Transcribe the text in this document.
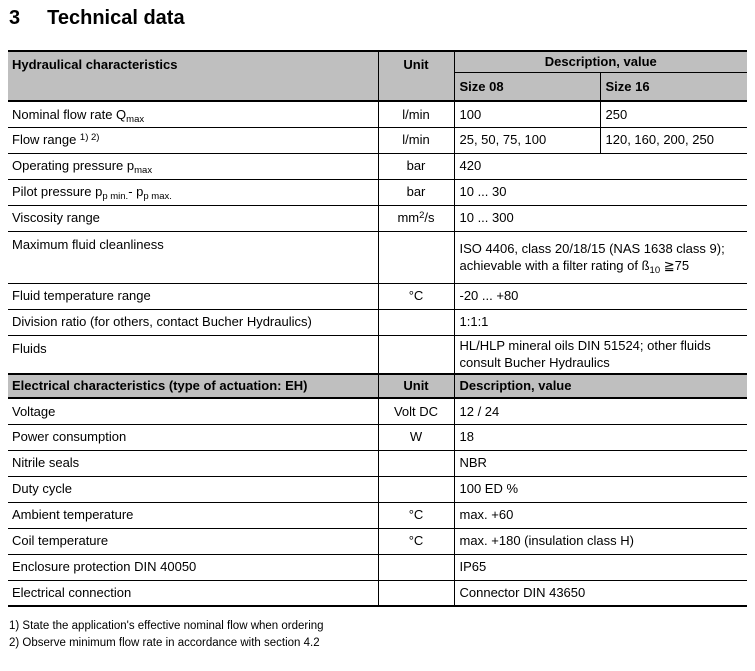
3 Technical data
Hydraulical characteristics	Unit	Description, value	
		Size 08	Size 16
Nominal flow rate $Q_{max}$	l/min	100	250
Flow range $^{1) 2)}$	l/min	25, 50, 75, 100	120, 160, 200, 250
Operating pressure $p_{max}$	bar	420	
Pilot pressure $p_{p min.}-$ $p_{p max.}$	bar	10 ... 30	
Viscosity range	$mm^2/s$	10 ... 300	
Maximum fluid cleanliness		ISO 4406, class 20/18/15 (NAS 1638 class 9);
achievable with a filter rating of $ß_{10}$ ≧75	
Fluid temperature range	°C	-20 ... +80	
Division ratio (for others, contact Bucher Hydraulics)		1:1:1	
Fluids		HL/HLP mineral oils DIN 51524; other fluids
consult Bucher Hydraulics	
Electrical characteristics (type of actuation: EH)	Unit	Description, value	
Voltage	Volt DC	12 / 24	
Power consumption	W	18	
Nitrile seals		NBR	
Duty cycle		100 ED %	
Ambient temperature	°C	max. +60	
Coil temperature	°C	max. +180 (insulation class H)	
Enclosure protection DIN 40050		IP65	
Electrical connection		Connector DIN 43650	
1) State the application's effective nominal flow when ordering
2) Observe minimum flow rate in accordance with section 4.2
